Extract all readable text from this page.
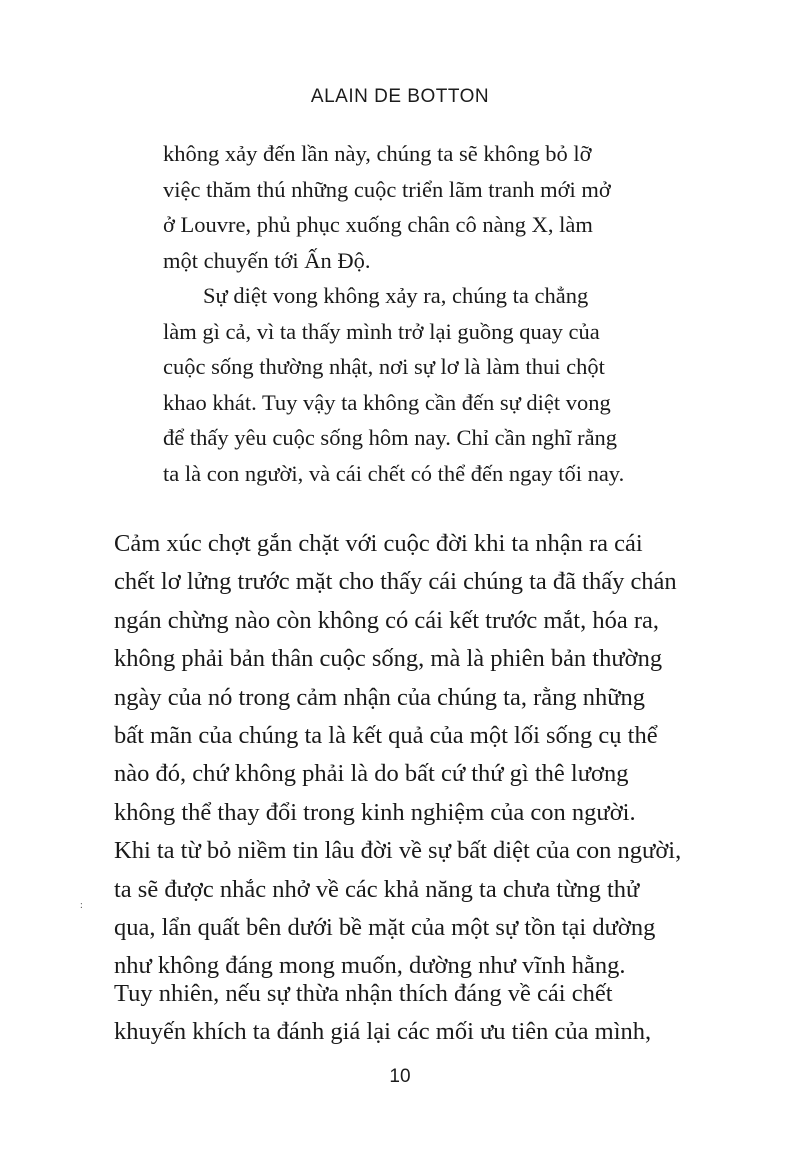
ALAIN DE BOTTON

không xảy đến lần này, chúng ta sẽ không bỏ lỡ
việc thăm thú những cuộc triển lãm tranh mới mở
ở Louvre, phủ phục xuống chân cô nàng X, làm
một chuyến tới Ấn Độ.

Sự diệt vong không xảy ra, chúng ta chẳng
làm gì cả, vì ta thấy mình trở lại guồng quay của
cuộc sống thường nhật, nơi sự lơ là làm thui chột
khao khát. Tuy vậy ta không cần đến sự diệt vong
để thấy yêu cuộc sống hôm nay. Chỉ cần nghĩ rằng
ta là con người, và cái chết có thể đến ngay tối nay.

Cảm xúc chợt gắn chặt với cuộc đời khi ta nhận ra cái
chết lơ lửng trước mặt cho thấy cái chúng ta đã thấy chán
ngán chừng nào còn không có cái kết trước mắt, hóa ra,
không phải bản thân cuộc sống, mà là phiên bản thường
ngày của nó trong cảm nhận của chúng ta, rằng những
bất mãn của chúng ta là kết quả của một lối sống cụ thể
nào đó, chứ không phải là do bất cứ thứ gì thê lương
không thể thay đổi trong kinh nghiệm của con người.
Khi ta từ bỏ niềm tin lâu đời về sự bất diệt của con người,
ta sẽ được nhắc nhở về các khả năng ta chưa từng thử
qua, lẩn quất bên dưới bề mặt của một sự tồn tại dường
như không đáng mong muốn, dường như vĩnh hằng.
:
Tuy nhiên, nếu sự thừa nhận thích đáng về cái chết
khuyến khích ta đánh giá lại các mối ưu tiên của mình,
10
